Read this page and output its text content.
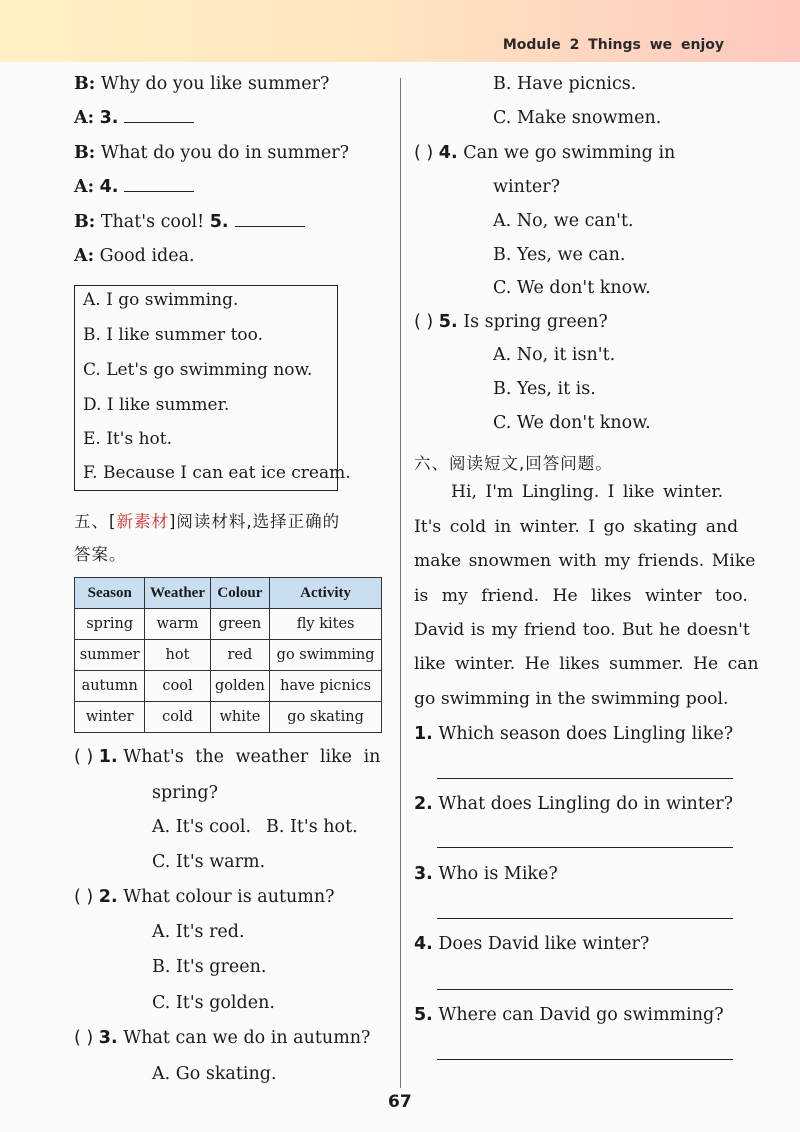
Module 2 Things we enjoy
B: Why do you like summer?
A: 3.
B: What do you do in summer?
A: 4.
B: That's cool! 5.
A: Good idea.
A. I go swimming.
B. I like summer too.
C. Let's go swimming now.
D. I like summer.
E. It's hot.
F. Because I can eat ice cream.
五、[新素材]阅读材料,选择正确的
答案。
Season	Weather	Colour	Activity
spring	warm	green	fly kites
summer	hot	red	go swimming
autumn	cool	golden	have picnics
winter	cold	white	go skating
( ) 1. What's the weather like in
spring?
A. It's cool. B. It's hot.
C. It's warm.
( ) 2. What colour is autumn?
A. It's red.
B. It's green.
C. It's golden.
( ) 3. What can we do in autumn?
A. Go skating.
B. Have picnics.
C. Make snowmen.
( ) 4. Can we go swimming in
winter?
A. No, we can't.
B. Yes, we can.
C. We don't know.
( ) 5. Is spring green?
A. No, it isn't.
B. Yes, it is.
C. We don't know.
六、阅读短文,回答问题。
Hi, I'm Lingling. I like winter.
It's cold in winter. I go skating and
make snowmen with my friends. Mike
is my friend. He likes winter too.
David is my friend too. But he doesn't
like winter. He likes summer. He can
go swimming in the swimming pool.
1. Which season does Lingling like?
2. What does Lingling do in winter?
3. Who is Mike?
4. Does David like winter?
5. Where can David go swimming?
67
